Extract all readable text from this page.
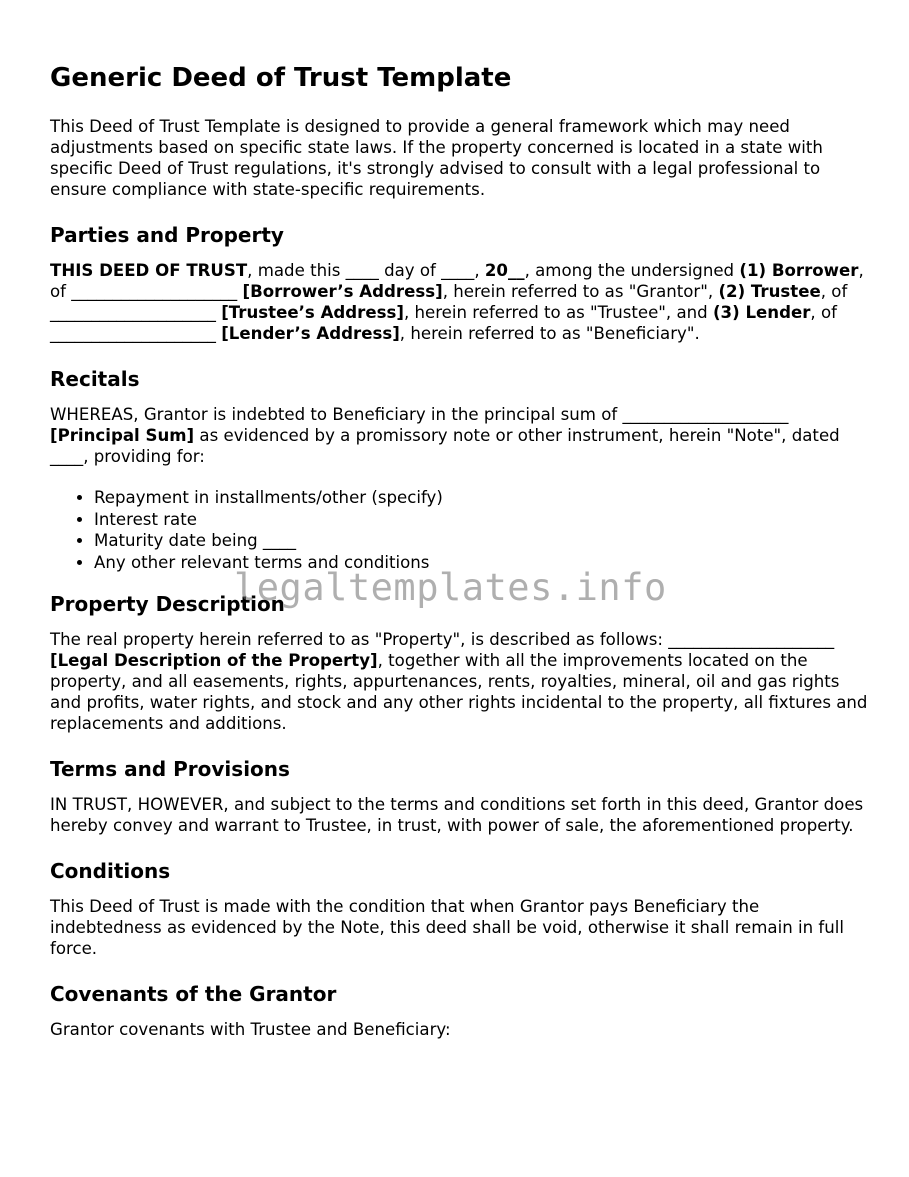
Generic Deed of Trust Template

This Deed of Trust Template is designed to provide a general framework which may need adjustments based on specific state laws. If the property concerned is located in a state with specific Deed of Trust regulations, it's strongly advised to consult with a legal professional to ensure compliance with state-specific requirements.

Parties and Property

THIS DEED OF TRUST, made this ____ day of ____, 20__, among the undersigned (1) Borrower, of ____________________ [Borrower’s Address], herein referred to as "Grantor", (2) Trustee, of ____________________ [Trustee’s Address], herein referred to as "Trustee", and (3) Lender, of ____________________ [Lender’s Address], herein referred to as "Beneficiary".

Recitals

WHEREAS, Grantor is indebted to Beneficiary in the principal sum of ____________________ [Principal Sum] as evidenced by a promissory note or other instrument, herein "Note", dated ____, providing for:

• Repayment in installments/other (specify)
• Interest rate
• Maturity date being ____
• Any other relevant terms and conditions
Property Description

The real property herein referred to as "Property", is described as follows: ____________________ [Legal Description of the Property], together with all the improvements located on the property, and all easements, rights, appurtenances, rents, royalties, mineral, oil and gas rights and profits, water rights, and stock and any other rights incidental to the property, all fixtures and replacements and additions.

Terms and Provisions

IN TRUST, HOWEVER, and subject to the terms and conditions set forth in this deed, Grantor does hereby convey and warrant to Trustee, in trust, with power of sale, the aforementioned property.

Conditions

This Deed of Trust is made with the condition that when Grantor pays Beneficiary the indebtedness as evidenced by the Note, this deed shall be void, otherwise it shall remain in full force.

Covenants of the Grantor

Grantor covenants with Trustee and Beneficiary:

legaltemplates.info
